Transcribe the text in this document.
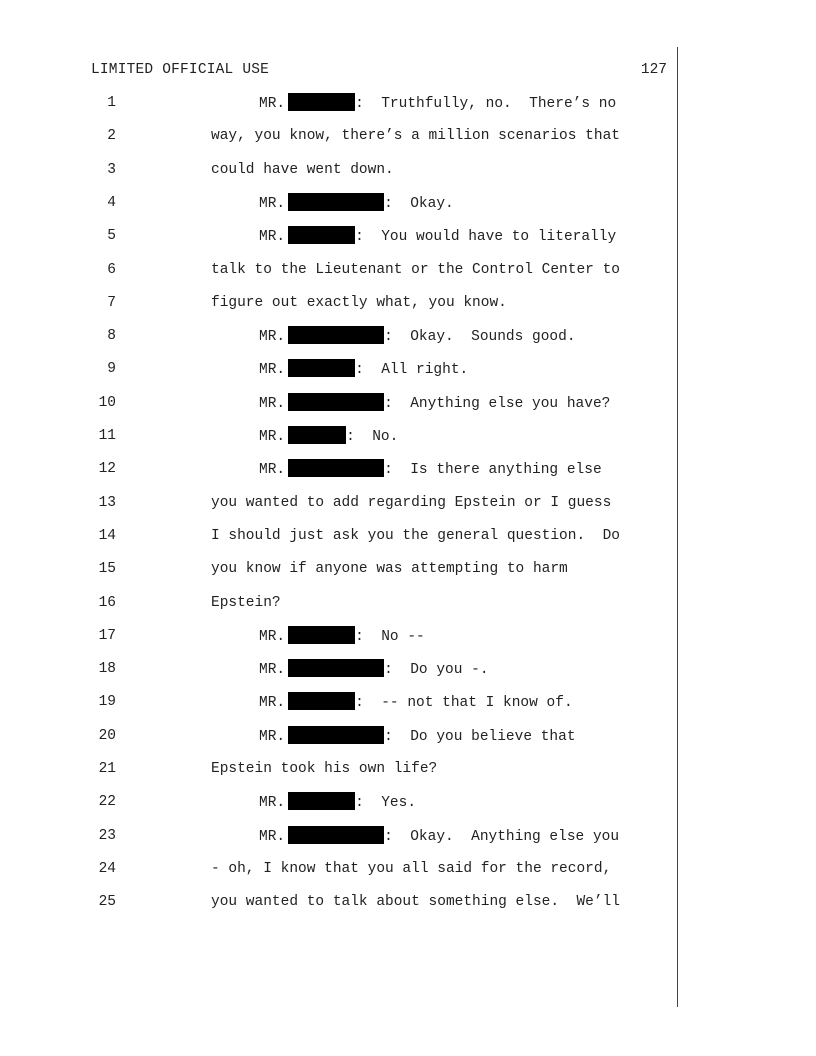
LIMITED OFFICIAL USE	127
1	MR.	:  Truthfully, no.  There’s no
2	way, you know, there’s a million scenarios that
3	could have went down.
4	MR.	:  Okay.
5	MR.	:  You would have to literally
6	talk to the Lieutenant or the Control Center to
7	figure out exactly what, you know.
8	MR.	:  Okay.  Sounds good.
9	MR.	:  All right.
10	MR.	:  Anything else you have?
11	MR.	:  No.
12	MR.	:  Is there anything else
13	you wanted to add regarding Epstein or I guess
14	I should just ask you the general question.  Do
15	you know if anyone was attempting to harm
16	Epstein?
17	MR.	:  No --
18	MR.	:  Do you -.
19	MR.	:  -- not that I know of.
20	MR.	:  Do you believe that
21	Epstein took his own life?
22	MR.	:  Yes.
23	MR.	:  Okay.  Anything else you
24	- oh, I know that you all said for the record,
25	you wanted to talk about something else.  We’ll
